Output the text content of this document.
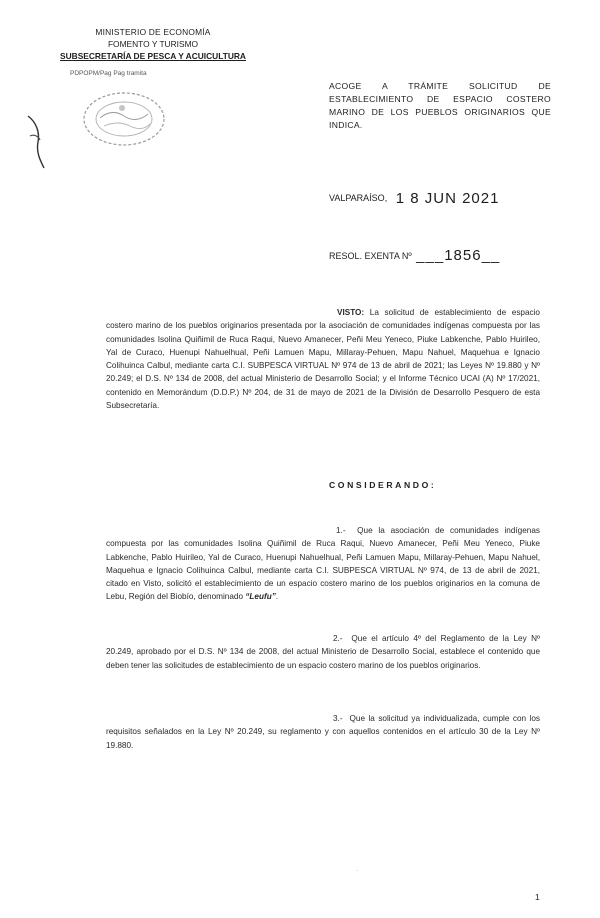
MINISTERIO DE ECONOMÍA
FOMENTO Y TURISMO
SUBSECRETARÍA DE PESCA Y ACUICULTURA
PDPOPM/Pag Pag tramita
ACOGE A TRÁMITE SOLICITUD DE ESTABLECIMIENTO DE ESPACIO COSTERO MARINO DE LOS PUEBLOS ORIGINARIOS QUE INDICA.
VALPARAÍSO, 1 8 JUN 2021
RESOL. EXENTA Nº ___1856__
VISTO: La solicitud de establecimiento de espacio costero marino de los pueblos originarios presentada por la asociación de comunidades indígenas compuesta por las comunidades Isolina Quiñimil de Ruca Raqui, Nuevo Amanecer, Peñi Meu Yeneco, Piuke Labkenche, Pablo Huirileo, Yal de Curaco, Huenupi Nahuelhual, Peñi Lamuen Mapu, Millaray-Pehuen, Mapu Nahuel, Maquehua e Ignacio Colihuinca Calbul, mediante carta C.I. SUBPESCA VIRTUAL Nº 974 de 13 de abril de 2021; las Leyes Nº 19.880 y Nº 20.249; el D.S. Nº 134 de 2008, del actual Ministerio de Desarrollo Social; y el Informe Técnico UCAI (A) Nº 17/2021, contenido en Memorándum (D.D.P.) Nº 204, de 31 de mayo de 2021 de la División de Desarrollo Pesquero de esta Subsecretaría.
CONSIDERANDO:
1.- Que la asociación de comunidades indígenas compuesta por las comunidades Isolina Quiñimil de Ruca Raqui, Nuevo Amanecer, Peñi Meu Yeneco, Piuke Labkenche, Pablo Huirileo, Yal de Curaco, Huenupi Nahuelhual, Peñi Lamuen Mapu, Millaray-Pehuen, Mapu Nahuel, Maquehua e Ignacio Colihuinca Calbul, mediante carta C.I. SUBPESCA VIRTUAL Nº 974, de 13 de abril de 2021, citado en Visto, solicitó el establecimiento de un espacio costero marino de los pueblos originarios en la comuna de Lebu, Región del Biobío, denominado “Leufu”.
2.- Que el artículo 4º del Reglamento de la Ley Nº 20.249, aprobado por el D.S. Nº 134 de 2008, del actual Ministerio de Desarrollo Social, establece el contenido que deben tener las solicitudes de establecimiento de un espacio costero marino de los pueblos originarios.
3.- Que la solicitud ya individualizada, cumple con los requisitos señalados en la Ley Nº 20.249, su reglamento y con aquellos contenidos en el artículo 30 de la Ley Nº 19.880.
·
1
